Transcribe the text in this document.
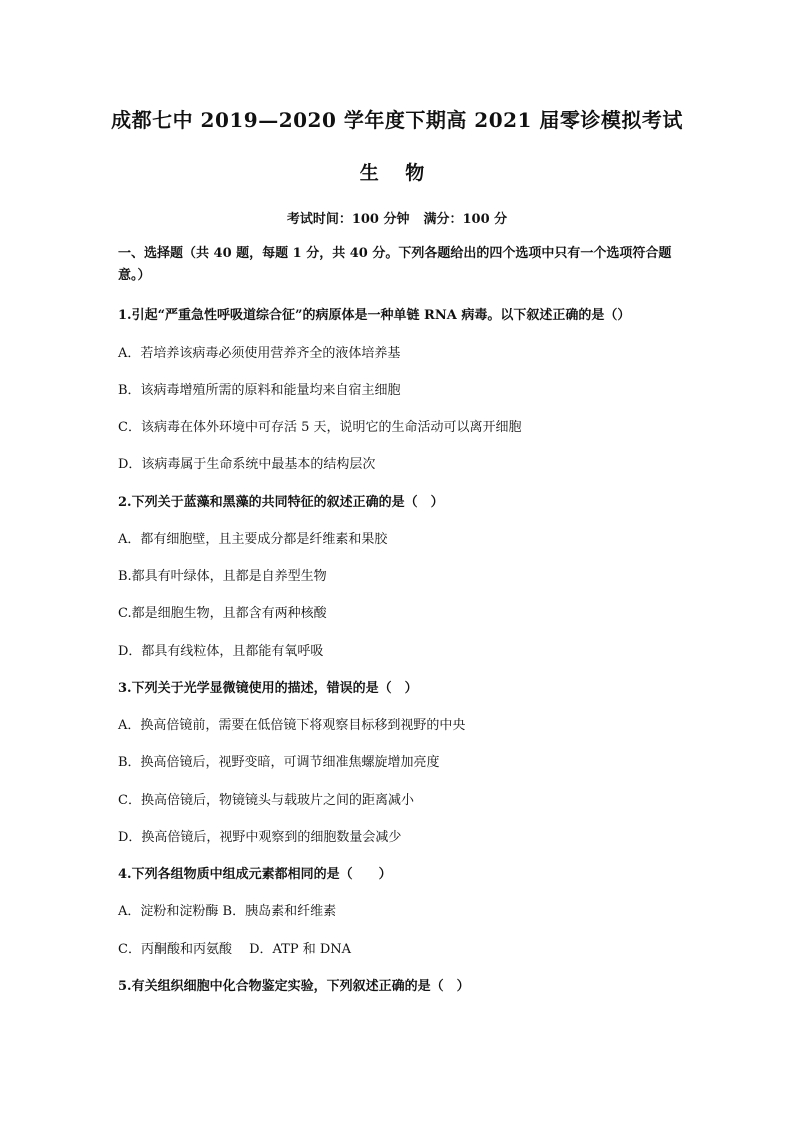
成都七中 2019—2020 学年度下期高 2021 届零诊模拟考试
生 物
考试时间：100 分钟 满分：100 分
一、选择题（共 40 题，每题 1 分，共 40 分。下列各题给出的四个选项中只有一个选项符合题意。）
1.引起“严重急性呼吸道综合征”的病原体是一种单链 RNA 病毒。以下叙述正确的是（）
A．若培养该病毒必须使用营养齐全的液体培养基
B．该病毒增殖所需的原料和能量均来自宿主细胞
C．该病毒在体外环境中可存活 5 天，说明它的生命活动可以离开细胞
D．该病毒属于生命系统中最基本的结构层次
2.下列关于蓝藻和黑藻的共同特征的叙述正确的是（　）
A．都有细胞壁，且主要成分都是纤维素和果胶
B.都具有叶绿体，且都是自养型生物
C.都是细胞生物，且都含有两种核酸
D．都具有线粒体，且都能有氧呼吸
3.下列关于光学显微镜使用的描述，错误的是（　）
A．换高倍镜前，需要在低倍镜下将观察目标移到视野的中央
B．换高倍镜后，视野变暗，可调节细准焦螺旋增加亮度
C．换高倍镜后，物镜镜头与载玻片之间的距离减小
D．换高倍镜后，视野中观察到的细胞数量会减少
4.下列各组物质中组成元素都相同的是（　　）
A．淀粉和淀粉酶 B．胰岛素和纤维素
C．丙酮酸和丙氨酸　 D．ATP 和 DNA
5.有关组织细胞中化合物鉴定实验，下列叙述正确的是（　）
